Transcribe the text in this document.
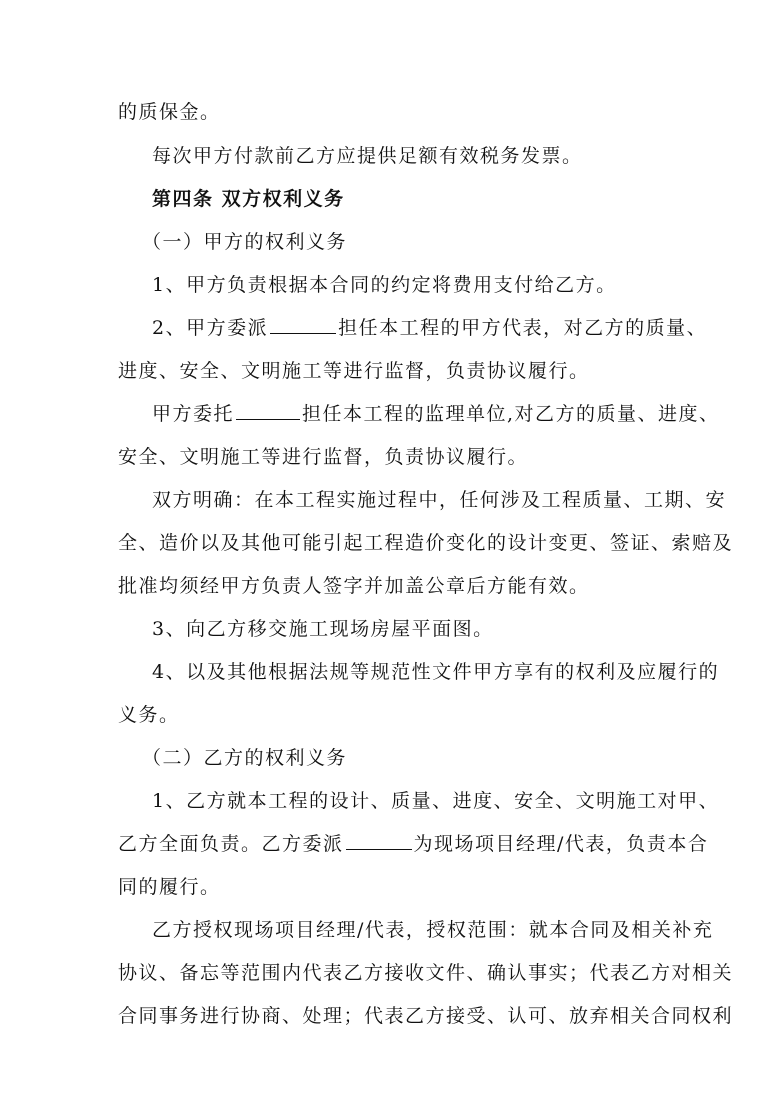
的质保金。
每次甲方付款前乙方应提供足额有效税务发票。
第四条 双方权利义务
（一）甲方的权利义务
1、甲方负责根据本合同的约定将费用支付给乙方。
2、甲方委派	担任本工程的甲方代表，对乙方的质量、
进度、安全、文明施工等进行监督，负责协议履行。
甲方委托	担任本工程的监理单位,对乙方的质量、进度、
安全、文明施工等进行监督，负责协议履行。
双方明确：在本工程实施过程中，任何涉及工程质量、工期、安
全、造价以及其他可能引起工程造价变化的设计变更、签证、索赔及
批准均须经甲方负责人签字并加盖公章后方能有效。
3、向乙方移交施工现场房屋平面图。
4、以及其他根据法规等规范性文件甲方享有的权利及应履行的
义务。
（二）乙方的权利义务
1、乙方就本工程的设计、质量、进度、安全、文明施工对甲、
乙方全面负责。乙方委派	为现场项目经理/代表，负责本合
同的履行。
乙方授权现场项目经理/代表，授权范围：就本合同及相关补充
协议、备忘等范围内代表乙方接收文件、确认事实；代表乙方对相关
合同事务进行协商、处理；代表乙方接受、认可、放弃相关合同权利
